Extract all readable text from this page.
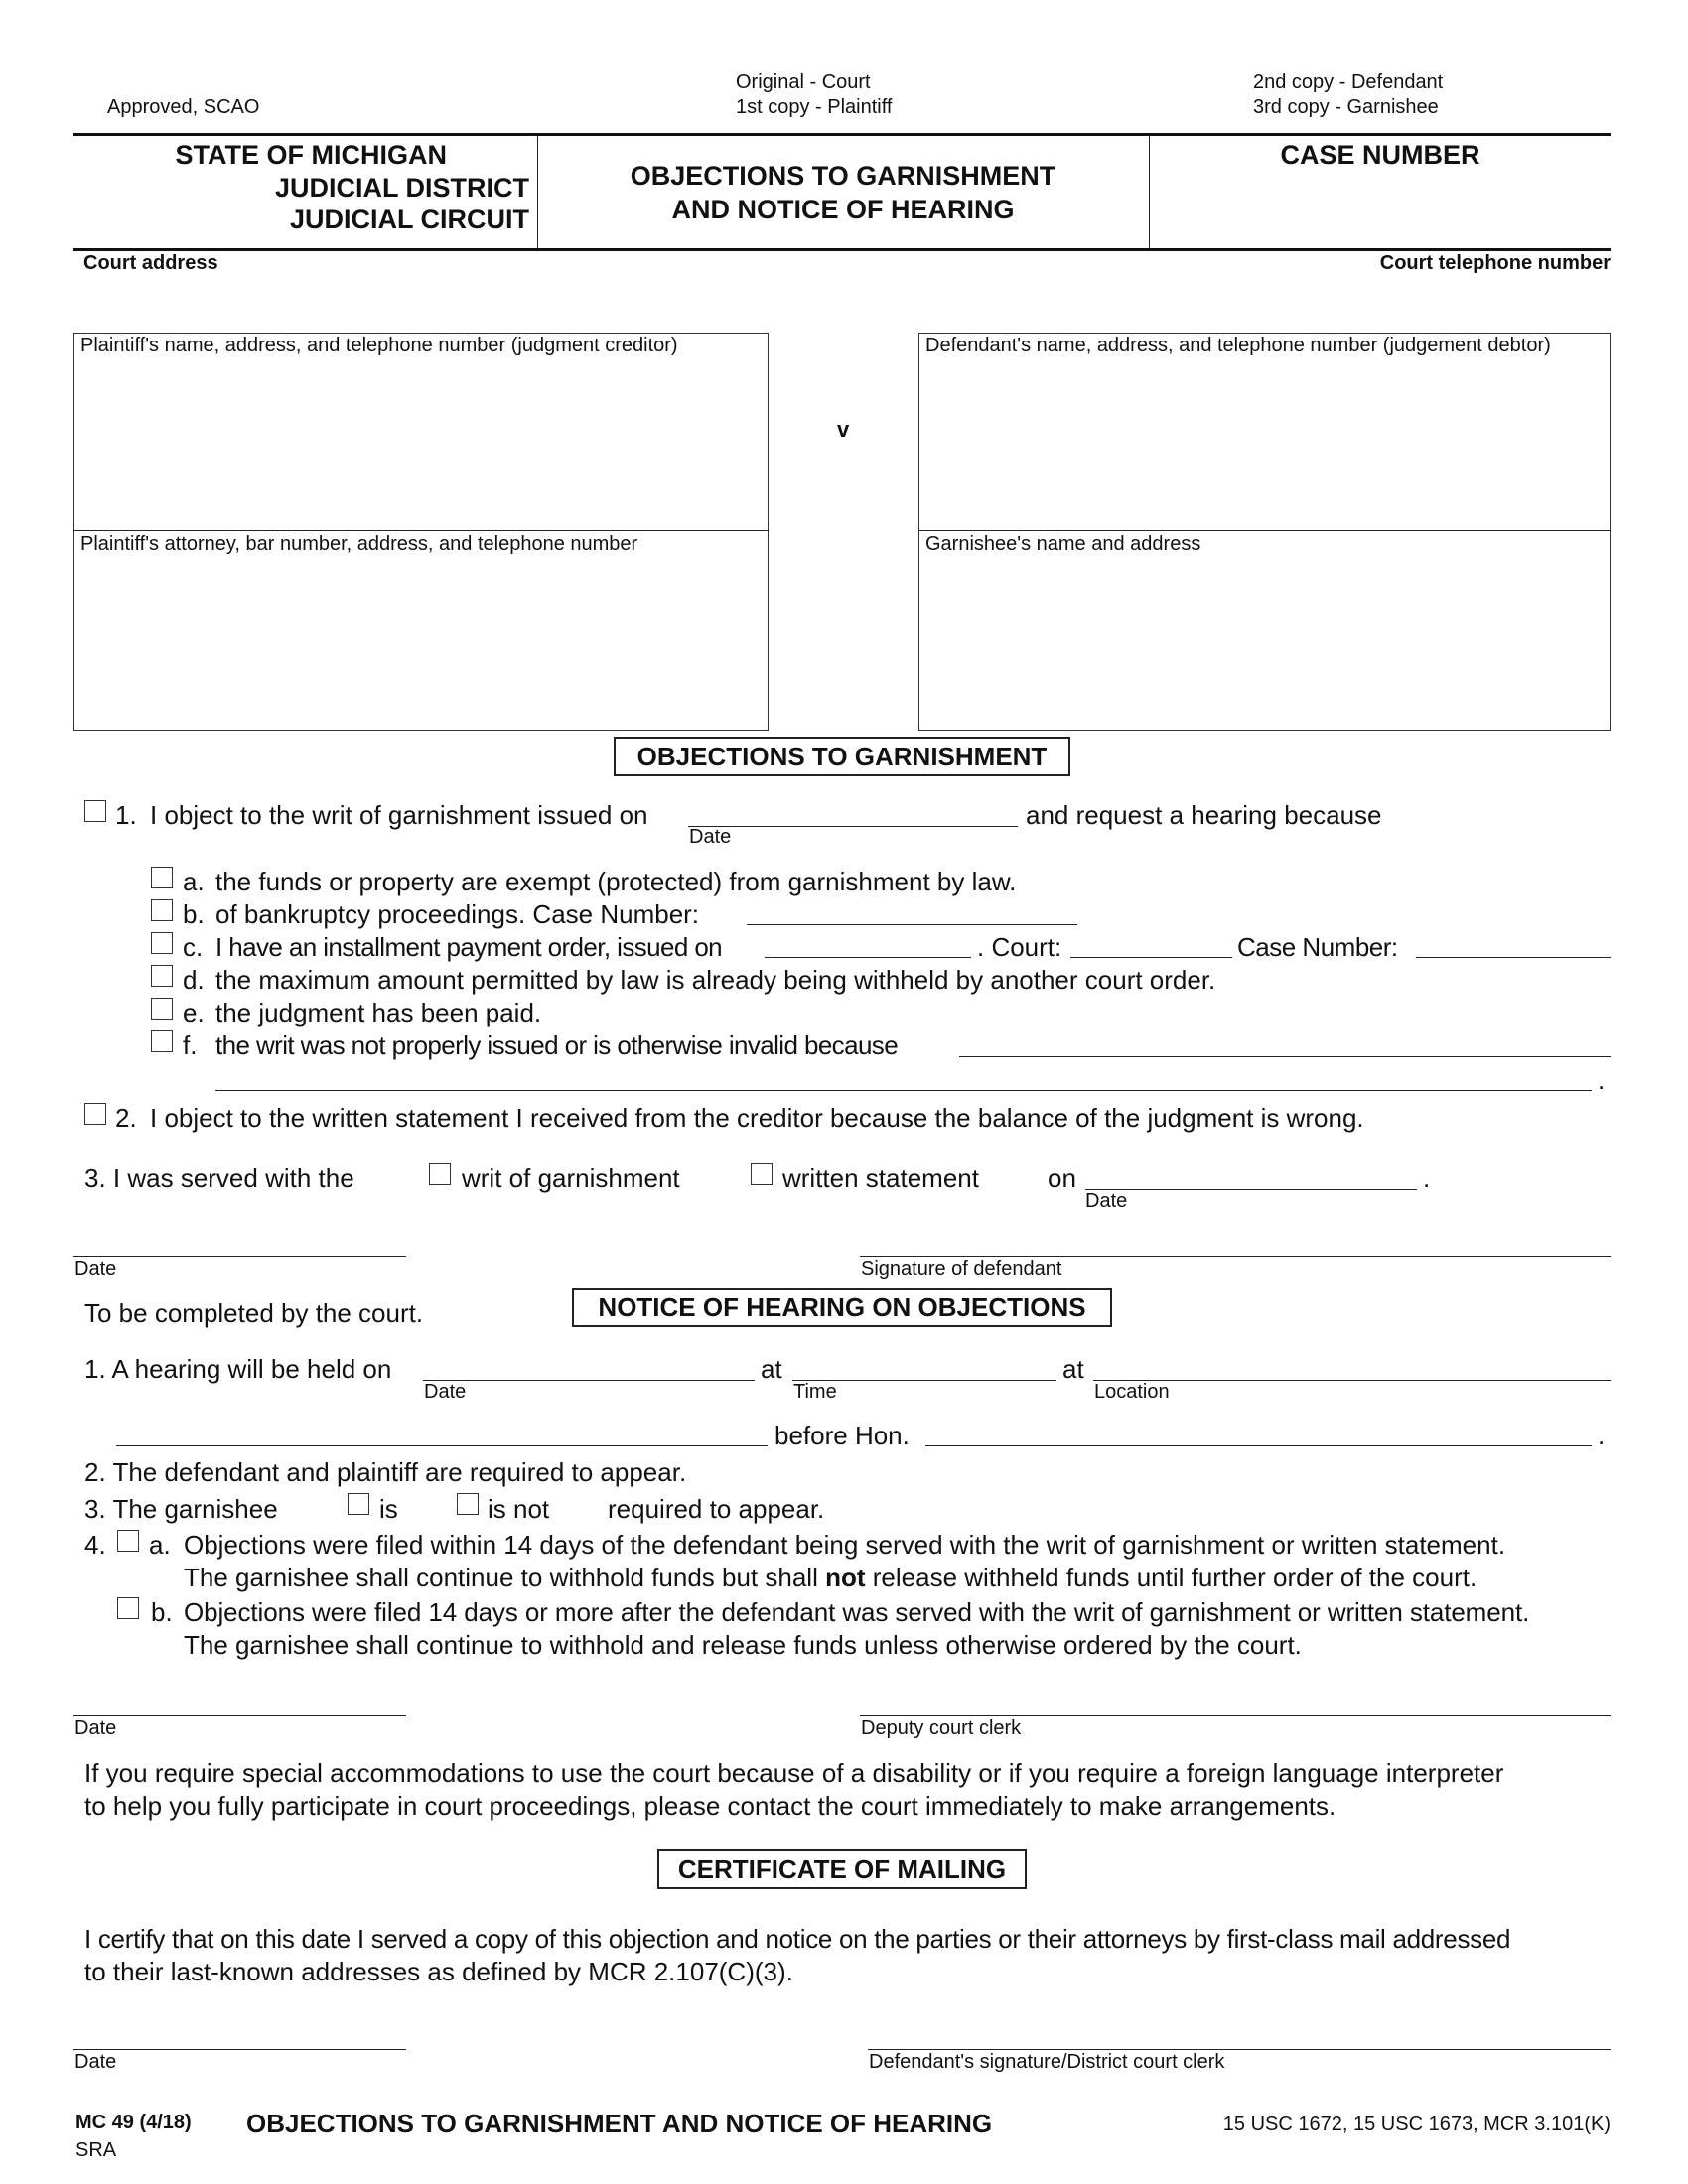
Approved, SCAO
Original - Court
1st copy - Plaintiff
2nd copy - Defendant
3rd copy - Garnishee
STATE OF MICHIGAN
JUDICIAL DISTRICT
JUDICIAL CIRCUIT
OBJECTIONS TO GARNISHMENT
AND NOTICE OF HEARING
CASE NUMBER
Court address	Court telephone number
Plaintiff's name, address, and telephone number (judgment creditor)
Plaintiff's attorney, bar number, address, and telephone number
v
Defendant's name, address, and telephone number (judgement debtor)
Garnishee's name and address
OBJECTIONS TO GARNISHMENT
1. I object to the writ of garnishment issued on
Date
and request a hearing because
a. the funds or property are exempt (protected) from garnishment by law.
b. of bankruptcy proceedings. Case Number:
c. I have an installment payment order, issued on	. Court:	Case Number:
d. the maximum amount permitted by law is already being withheld by another court order.
e. the judgment has been paid.
f. the writ was not properly issued or is otherwise invalid because
.
2. I object to the written statement I received from the creditor because the balance of the judgment is wrong.
3. I was served with the	writ of garnishment	written statement	on
Date
.
Date	Signature of defendant
To be completed by the court.	NOTICE OF HEARING ON OBJECTIONS
1. A hearing will be held on
Date
at
Time
at
Location
before Hon.	.
2. The defendant and plaintiff are required to appear.
3. The garnishee	is	is not required to appear.
4. a. Objections were filed within 14 days of the defendant being served with the writ of garnishment or written statement.
The garnishee shall continue to withhold funds but shall not release withheld funds until further order of the court.
b. Objections were filed 14 days or more after the defendant was served with the writ of garnishment or written statement.
The garnishee shall continue to withhold and release funds unless otherwise ordered by the court.
Date	Deputy court clerk
If you require special accommodations to use the court because of a disability or if you require a foreign language interpreter
to help you fully participate in court proceedings, please contact the court immediately to make arrangements.
CERTIFICATE OF MAILING
I certify that on this date I served a copy of this objection and notice on the parties or their attorneys by first-class mail addressed
to their last-known addresses as defined by MCR 2.107(C)(3).
Date	Defendant's signature/District court clerk
MC 49 (4/18) OBJECTIONS TO GARNISHMENT AND NOTICE OF HEARING	15 USC 1672, 15 USC 1673, MCR 3.101(K)
SRA
